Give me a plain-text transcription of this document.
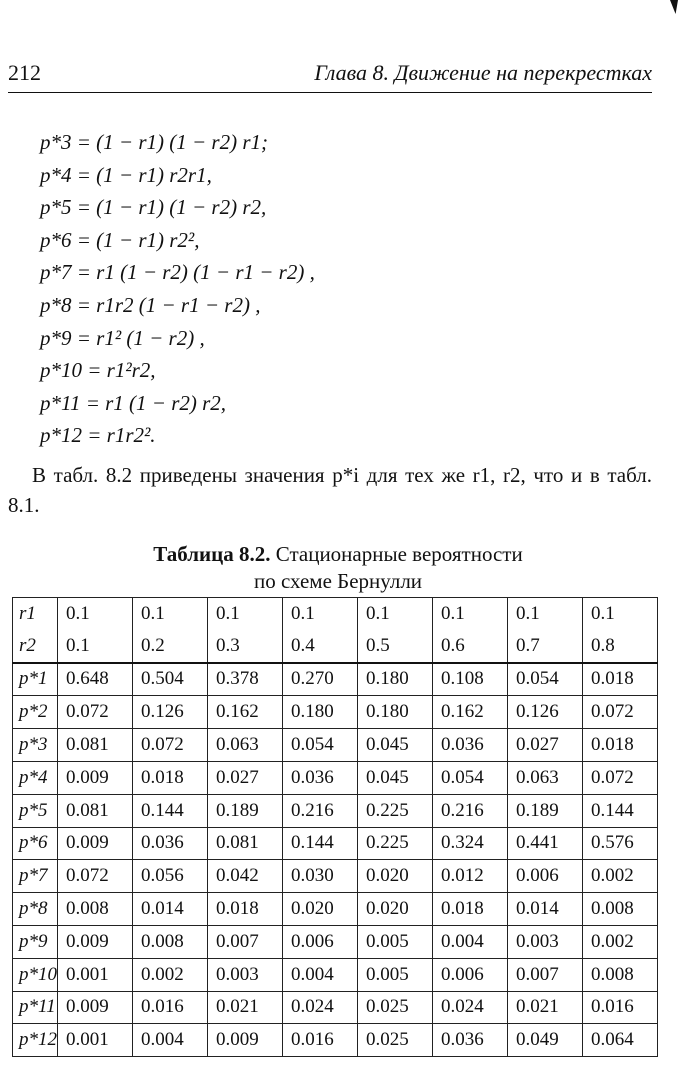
212	Глава 8. Движение на перекрестках
p*3 = (1 − r1) (1 − r2) r1;
p*4 = (1 − r1) r2r1,
p*5 = (1 − r1) (1 − r2) r2,
p*6 = (1 − r1) r2²,
p*7 = r1 (1 − r2) (1 − r1 − r2) ,
p*8 = r1r2 (1 − r1 − r2) ,
p*9 = r1² (1 − r2) ,
p*10 = r1²r2,
p*11 = r1 (1 − r2) r2,
p*12 = r1r2².
В табл. 8.2 приведены значения p*i для тех же r1, r2, что и в табл. 8.1.
Таблица 8.2. Стационарные вероятности
по схеме Бернулли
r1	0.1	0.1	0.1	0.1	0.1	0.1	0.1	0.1
r2	0.1	0.2	0.3	0.4	0.5	0.6	0.7	0.8
p*1	0.648	0.504	0.378	0.270	0.180	0.108	0.054	0.018
p*2	0.072	0.126	0.162	0.180	0.180	0.162	0.126	0.072
p*3	0.081	0.072	0.063	0.054	0.045	0.036	0.027	0.018
p*4	0.009	0.018	0.027	0.036	0.045	0.054	0.063	0.072
p*5	0.081	0.144	0.189	0.216	0.225	0.216	0.189	0.144
p*6	0.009	0.036	0.081	0.144	0.225	0.324	0.441	0.576
p*7	0.072	0.056	0.042	0.030	0.020	0.012	0.006	0.002
p*8	0.008	0.014	0.018	0.020	0.020	0.018	0.014	0.008
p*9	0.009	0.008	0.007	0.006	0.005	0.004	0.003	0.002
p*10	0.001	0.002	0.003	0.004	0.005	0.006	0.007	0.008
p*11	0.009	0.016	0.021	0.024	0.025	0.024	0.021	0.016
p*12	0.001	0.004	0.009	0.016	0.025	0.036	0.049	0.064
